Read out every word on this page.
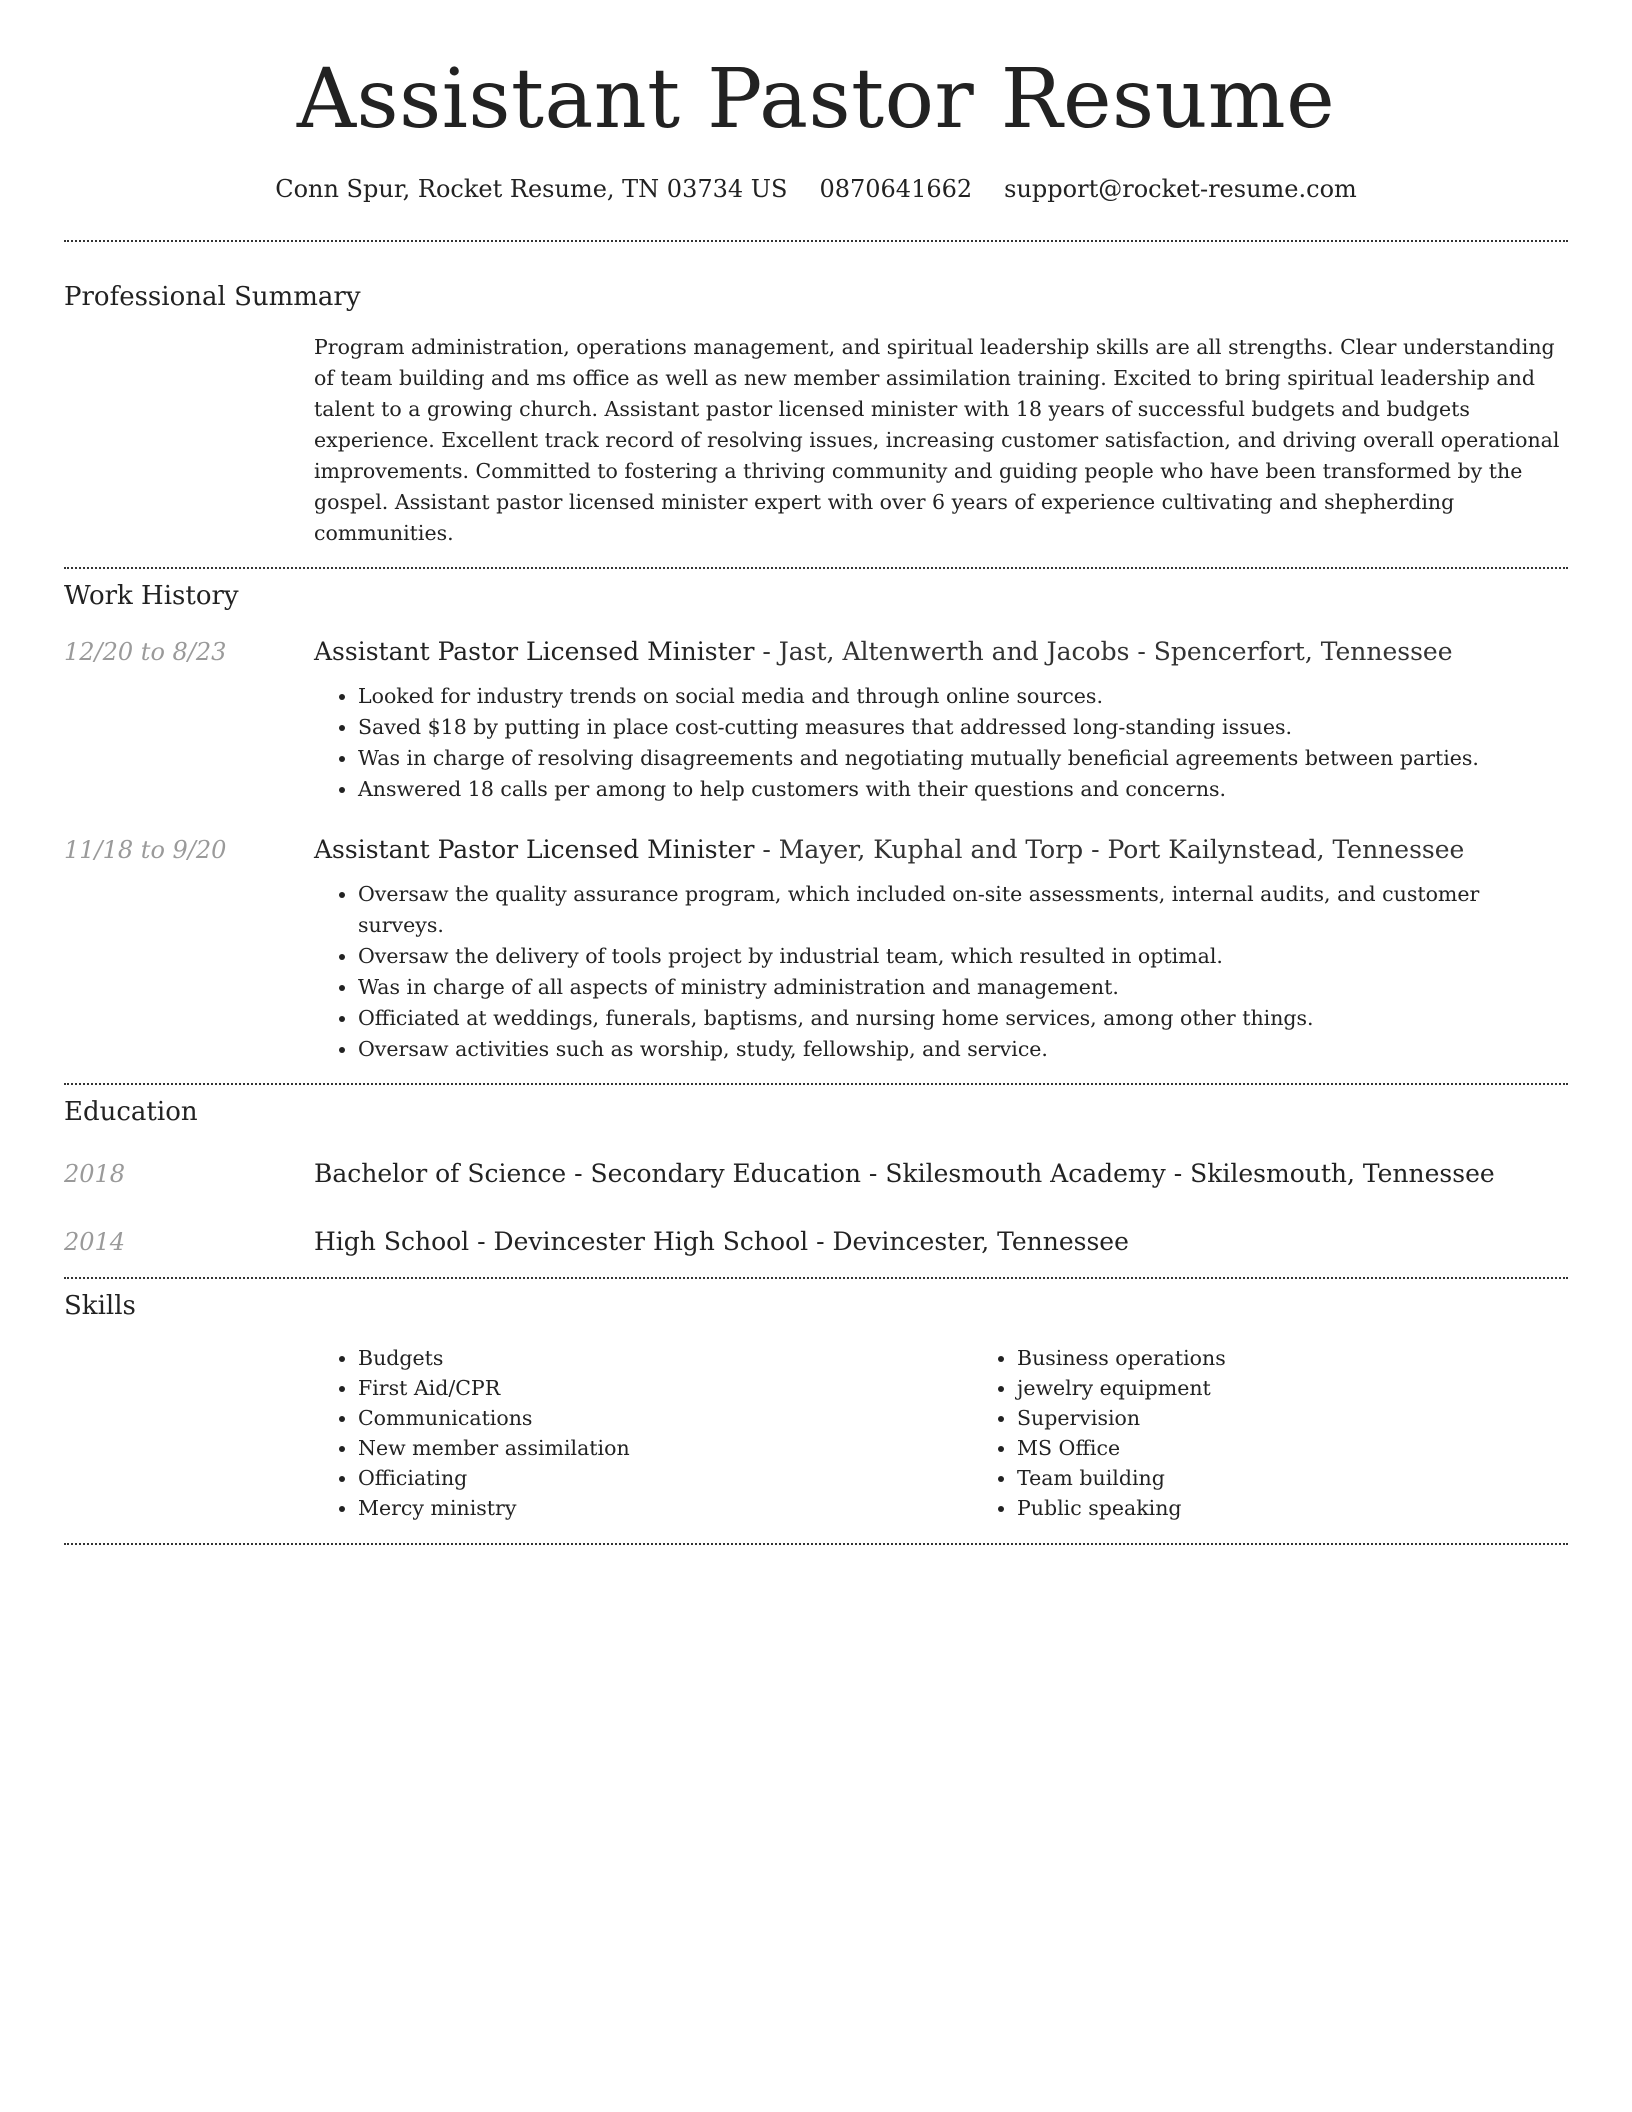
Assistant Pastor Resume
Conn Spur, Rocket Resume, TN 03734 US 0870641662 support@rocket-resume.com
Professional Summary
Program administration, operations management, and spiritual leadership skills are all strengths. Clear understanding of team building and ms office as well as new member assimilation training. Excited to bring spiritual leadership and talent to a growing church. Assistant pastor licensed minister with 18 years of successful budgets and budgets experience. Excellent track record of resolving issues, increasing customer satisfaction, and driving overall operational improvements. Committed to fostering a thriving community and guiding people who have been transformed by the gospel. Assistant pastor licensed minister expert with over 6 years of experience cultivating and shepherding communities.
Work History
12/20 to 8/23	Assistant Pastor Licensed Minister - Jast, Altenwerth and Jacobs - Spencerfort, Tennessee
• Looked for industry trends on social media and through online sources.
• Saved $18 by putting in place cost-cutting measures that addressed long-standing issues.
• Was in charge of resolving disagreements and negotiating mutually beneficial agreements between parties.
• Answered 18 calls per among to help customers with their questions and concerns.
11/18 to 9/20	Assistant Pastor Licensed Minister - Mayer, Kuphal and Torp - Port Kailynstead, Tennessee
• Oversaw the quality assurance program, which included on-site assessments, internal audits, and customer surveys.
• Oversaw the delivery of tools project by industrial team, which resulted in optimal.
• Was in charge of all aspects of ministry administration and management.
• Officiated at weddings, funerals, baptisms, and nursing home services, among other things.
• Oversaw activities such as worship, study, fellowship, and service.
Education
2018	Bachelor of Science - Secondary Education - Skilesmouth Academy - Skilesmouth, Tennessee
2014	High School - Devincester High School - Devincester, Tennessee
Skills
• Budgets
• First Aid/CPR
• Communications
• New member assimilation
• Officiating
• Mercy ministry
• Business operations
• jewelry equipment
• Supervision
• MS Office
• Team building
• Public speaking
